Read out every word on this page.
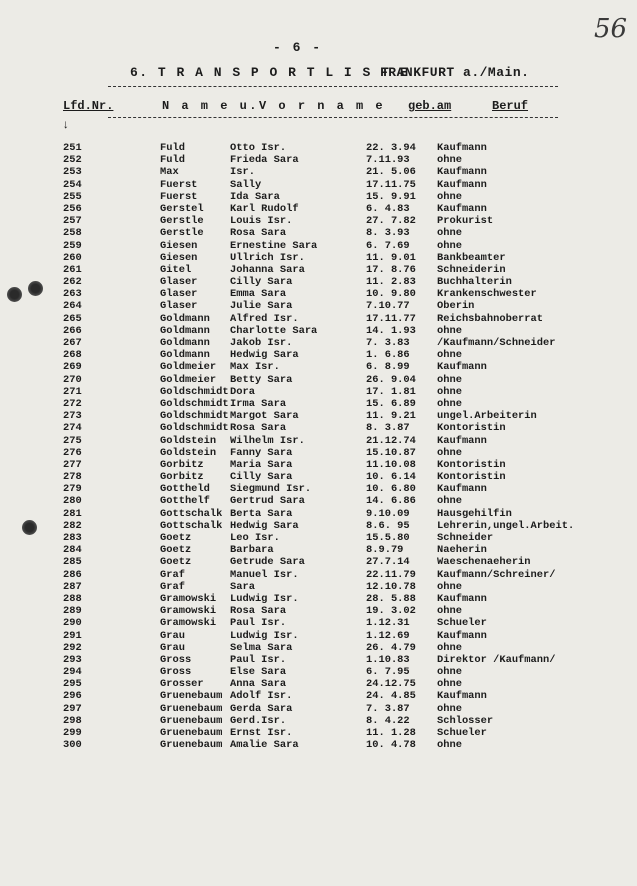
56
- 6 -
6. T R A N S P O R T L I S T E
FRANKFURT a./Main.
Lfd.Nr.	N a m e u.V o r n a m e geb.am	Beruf
↓
251	Fuld	Otto Isr.	22. 3.94 Kaufmann
252	Fuld	Frieda Sara	7.11.93	ohne
253	Max	Isr.	21. 5.06 Kaufmann
254	Fuerst	Sally	17.11.75 Kaufmann
255	Fuerst	Ida Sara	15. 9.91 ohne
256	Gerstel	Karl Rudolf	6. 4.83	Kaufmann
257	Gerstle	Louis Isr.	27. 7.82 Prokurist
258	Gerstle	Rosa Sara	8. 3.93	ohne
259	Giesen	Ernestine Sara	6. 7.69	ohne
260	Giesen	Ullrich Isr.	11. 9.01 Bankbeamter
261	Gitel	Johanna Sara	17. 8.76 Schneiderin
262	Glaser	Cilly Sara	11. 2.83 Buchhalterin
263	Glaser	Emma Sara	10. 9.80 Krankenschwester
264	Glaser	Julie Sara	7.10.77	Oberin
265	Goldmann Alfred Isr.	17.11.77 Reichsbahnoberrat
266	Goldmann Charlotte Sara	14. 1.93 ohne
267	Goldmann Jakob Isr.	7. 3.83	/Kaufmann/Schneider
268	Goldmann Hedwig Sara	1. 6.86	ohne
269	Goldmeier Max Isr.	6. 8.99	Kaufmann
270	Goldmeier Betty Sara	26. 9.04 ohne
271	Goldschmidt Dora	17. 1.81 ohne
272	Goldschmidt Irma Sara	15. 6.89 ohne
273	Goldschmidt Margot Sara	11. 9.21 ungel.Arbeiterin
274	Goldschmidt Rosa Sara	8. 3.87	Kontoristin
275	Goldstein Wilhelm Isr.	21.12.74 Kaufmann
276	Goldstein Fanny Sara	15.10.87 ohne
277	Gorbitz	Maria Sara	11.10.08 Kontoristin
278	Gorbitz	Cilly Sara	10. 6.14 Kontoristin
279	Gottheld Siegmund Isr.	10. 6.80 Kaufmann
280	Gotthelf Gertrud Sara	14. 6.86 ohne
281	Gottschalk Berta Sara	9.10.09	Hausgehilfin
282	Gottschalk Hedwig Sara	8.6. 95	Lehrerin,ungel.Arbeit.
283	Goetz	Leo Isr.	15.5.80	Schneider
284	Goetz	Barbara	8.9.79	Naeherin
285	Goetz	Getrude Sara	27.7.14	Waeschenaeherin
286	Graf	Manuel Isr.	22.11.79 Kaufmann/Schreiner/
287	Graf	Sara	12.10.78 ohne
288	Gramowski Ludwig Isr.	28. 5.88 Kaufmann
289	Gramowski Rosa Sara	19. 3.02 ohne
290	Gramowski Paul Isr.	1.12.31	Schueler
291	Grau	Ludwig Isr.	1.12.69	Kaufmann
292	Grau	Selma Sara	26. 4.79 ohne
293	Gross	Paul Isr.	1.10.83	Direktor /Kaufmann/
294	Gross	Else Sara	6. 7.95	ohne
295	Grosser	Anna Sara	24.12.75 ohne
296	Gruenebaum Adolf Isr.	24. 4.85 Kaufmann
297	Gruenebaum Gerda Sara	7. 3.87	ohne
298	Gruenebaum Gerd.Isr.	8. 4.22	Schlosser
299	Gruenebaum Ernst Isr.	11. 1.28 Schueler
300	Gruenebaum Amalie Sara	10. 4.78 ohne
